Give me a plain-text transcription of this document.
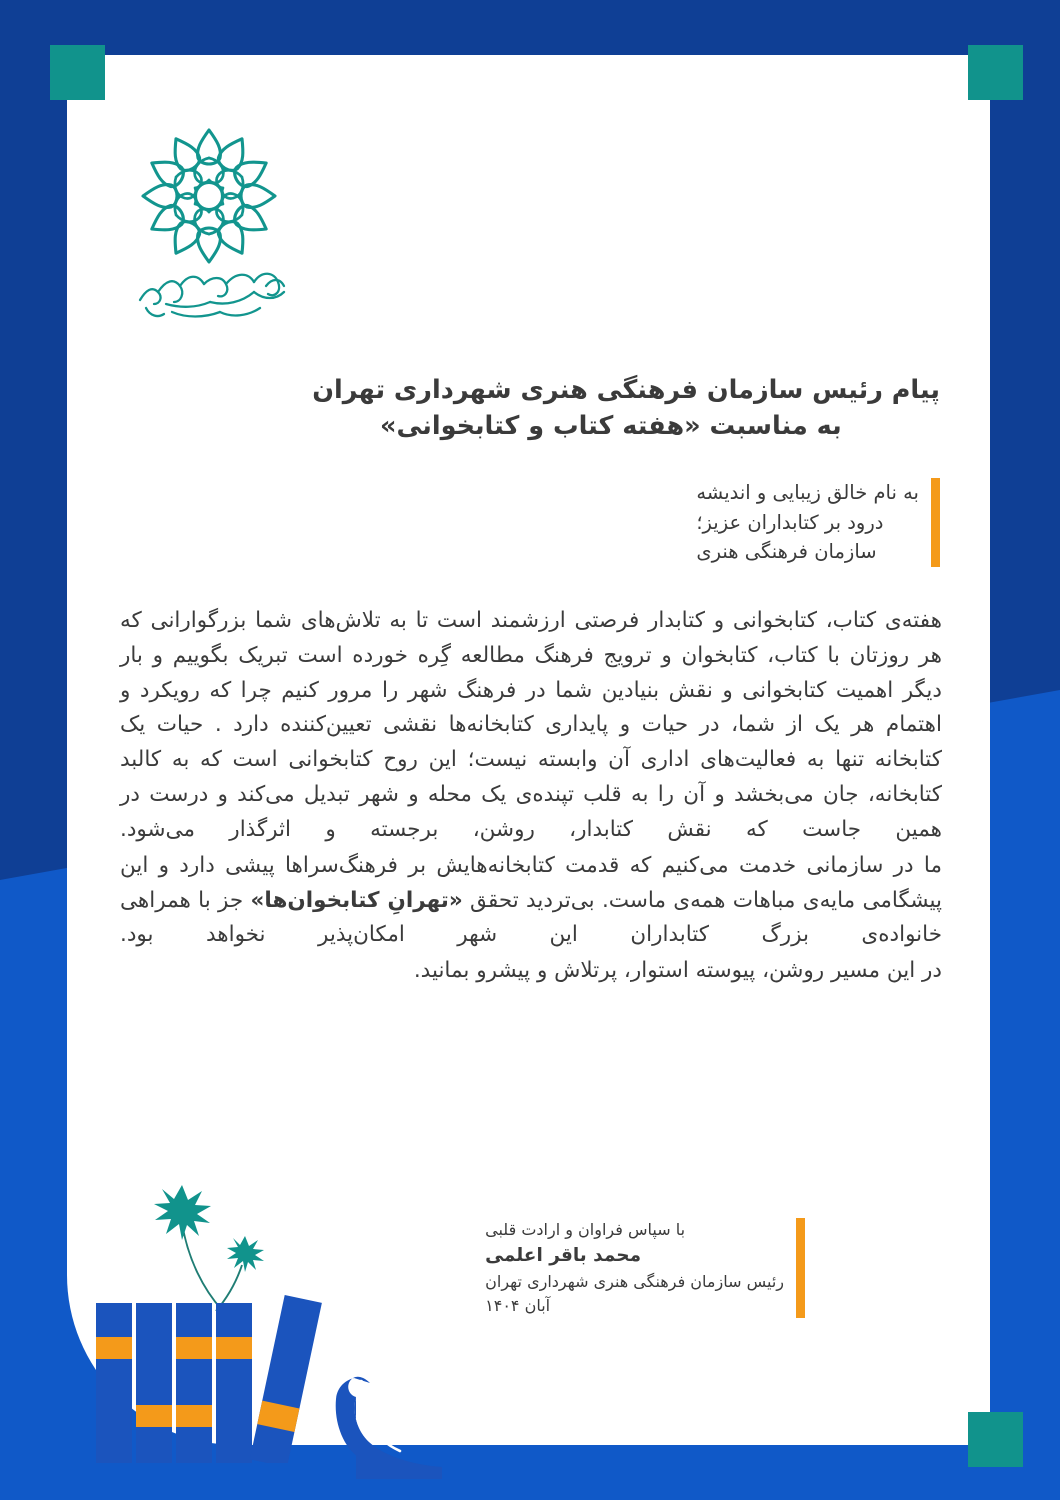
پیام رئیس سازمان فرهنگی هنری شهرداری تهران
به مناسبت «هفته کتاب و کتابخوانی»
به نام خالق زیبایی و اندیشه
درود بر کتابداران عزیز؛
سازمان فرهنگی هنری

هفته‌ی کتاب، کتابخوانی و کتابدار فرصتی ارزشمند است تا به تلاش‌های شما بزرگوارانی که هر روزتان با کتاب، کتابخوان و ترویج فرهنگ مطالعه گِره خورده است تبریک بگوییم و بار دیگر اهمیت کتابخوانی و نقش بنیادین شما در فرهنگ شهر را مرور کنیم چرا که رویکرد و اهتمام هر یک از شما، در حیات و پایداری کتابخانه‌ها نقشی تعیین‌کننده دارد . حیات یک کتابخانه تنها به فعالیت‌های اداری آن وابسته نیست؛ این روح کتابخوانی است که به کالبد کتابخانه، جان می‌بخشد و آن را به قلب تپنده‌ی یک محله و شهر تبدیل می‌کند و درست در همین جاست که نقش کتابدار، روشن، برجسته و اثرگذار می‌شود.

ما در سازمانی خدمت می‌کنیم که قدمت کتابخانه‌هایش بر فرهنگ‌سراها پیشی دارد و این پیشگامی مایه‌ی مباهات همه‌ی ماست. بی‌تردید تحقق «تهرانِ کتابخوان‌ها» جز با همراهی خانواده‌ی بزرگ کتابداران این شهر امکان‌پذیر نخواهد بود.

در این مسیر روشن، پیوسته استوار، پرتلاش و پیشرو بمانید.

با سپاس فراوان و ارادت قلبی
محمد باقر اعلمی
رئیس سازمان فرهنگی هنری شهرداری تهران
آبان ۱۴۰۴
